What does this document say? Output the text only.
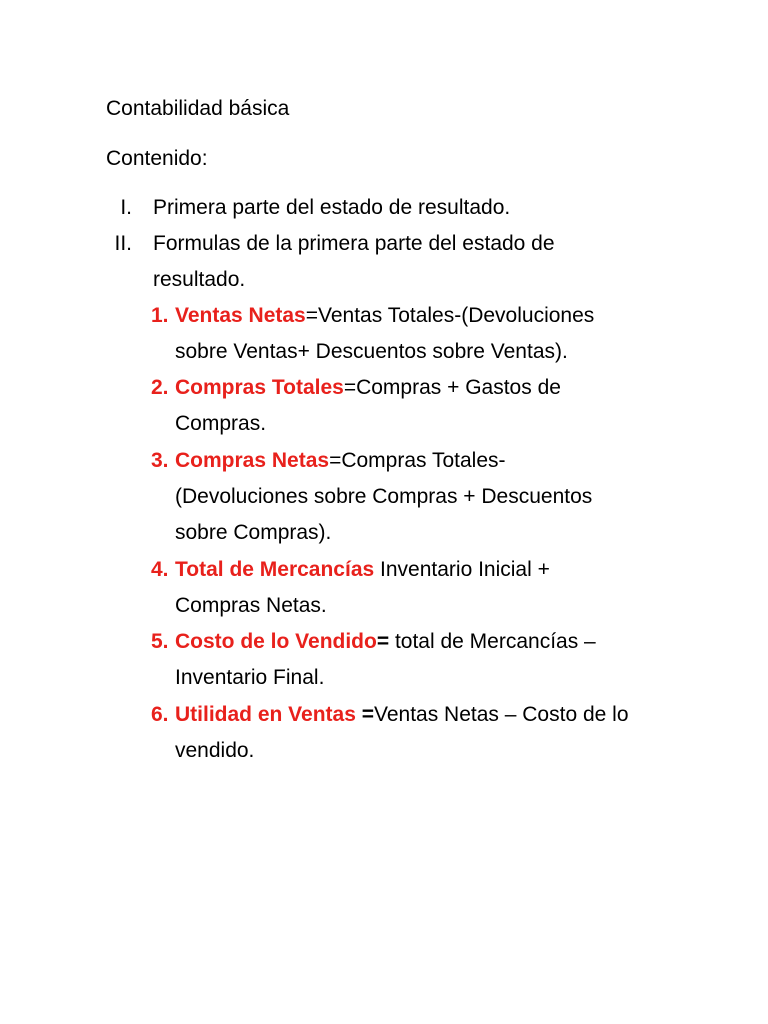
Contabilidad básica
Contenido:
I. Primera parte del estado de resultado.
II. Formulas de la primera parte del estado de
resultado.
1. Ventas Netas=Ventas Totales-(Devoluciones
sobre Ventas+ Descuentos sobre Ventas).
2. Compras Totales=Compras + Gastos de
Compras.
3. Compras Netas=Compras Totales-
(Devoluciones sobre Compras + Descuentos
sobre Compras).
4. Total de Mercancías Inventario Inicial +
Compras Netas.
5. Costo de lo Vendido= total de Mercancías –
Inventario Final.
6. Utilidad en Ventas =Ventas Netas – Costo de lo
vendido.
